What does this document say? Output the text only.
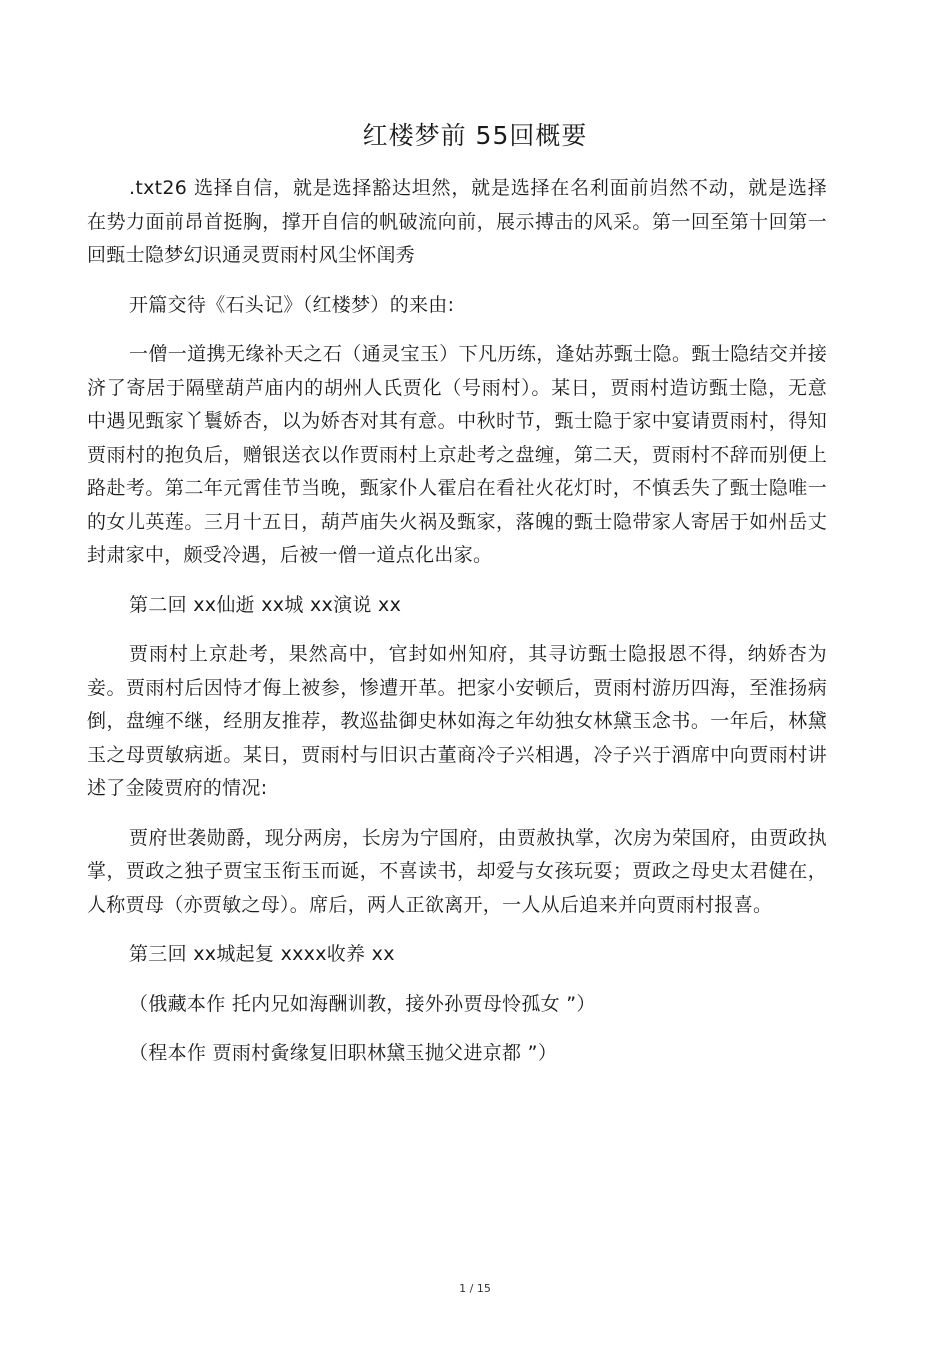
红楼梦前 55回概要

.txt26 选择自信，就是选择豁达坦然，就是选择在名利面前岿然不动，就是选择在势力面前昂首挺胸，撑开自信的帆破流向前，展示搏击的风采。第一回至第十回第一回甄士隐梦幻识通灵贾雨村风尘怀闺秀

开篇交待《石头记》（红楼梦）的来由:

一僧一道携无缘补天之石（通灵宝玉）下凡历练，逢姑苏甄士隐。甄士隐结交并接济了寄居于隔壁葫芦庙内的胡州人氏贾化（号雨村）。某日，贾雨村造访甄士隐，无意中遇见甄家丫鬟娇杏，以为娇杏对其有意。中秋时节，甄士隐于家中宴请贾雨村，得知贾雨村的抱负后，赠银送衣以作贾雨村上京赴考之盘缠，第二天，贾雨村不辞而别便上路赴考。第二年元霄佳节当晚，甄家仆人霍启在看社火花灯时，不慎丢失了甄士隐唯一的女儿英莲。三月十五日，葫芦庙失火祸及甄家，落魄的甄士隐带家人寄居于如州岳丈封肃家中，颇受冷遇，后被一僧一道点化出家。

第二回 xx仙逝 xx城 xx演说 xx

贾雨村上京赴考，果然高中，官封如州知府，其寻访甄士隐报恩不得，纳娇杏为妾。贾雨村后因恃才侮上被参，惨遭开革。把家小安顿后，贾雨村游历四海，至淮扬病倒，盘缠不继，经朋友推荐，教巡盐御史林如海之年幼独女林黛玉念书。一年后，林黛玉之母贾敏病逝。某日，贾雨村与旧识古董商冷子兴相遇，冷子兴于酒席中向贾雨村讲述了金陵贾府的情况:

贾府世袭勋爵，现分两房，长房为宁国府，由贾赦执掌，次房为荣国府，由贾政执掌，贾政之独子贾宝玉衔玉而诞，不喜读书，却爱与女孩玩耍；贾政之母史太君健在，人称贾母（亦贾敏之母）。席后，两人正欲离开，一人从后追来并向贾雨村报喜。

第三回 xx城起复 xxxx收养 xx

（俄藏本作 托内兄如海酬训教，接外孙贾母怜孤女 ”）

（程本作 贾雨村夤缘复旧职林黛玉抛父进京都 ”）

1 / 15
